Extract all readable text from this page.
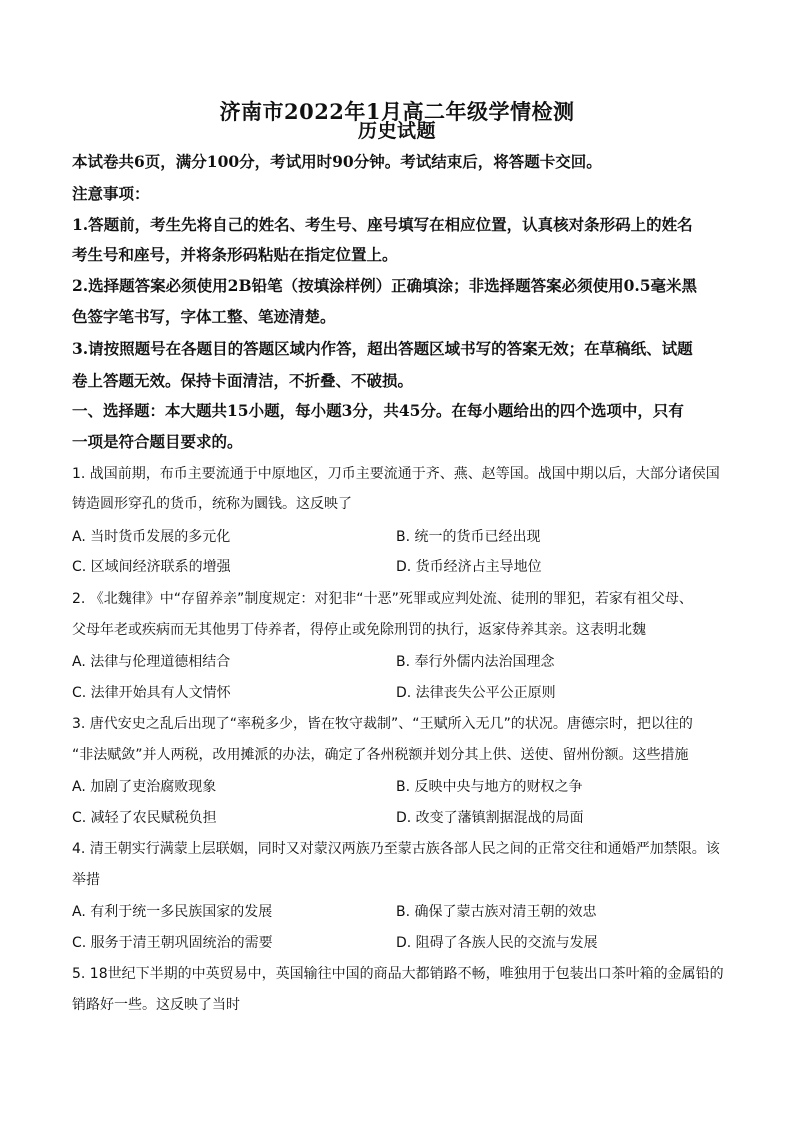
济南市2022年1月高二年级学情检测
历史试题
本试卷共6页，满分100分，考试用时90分钟。考试结束后，将答题卡交回。
注意事项：
1.答题前，考生先将自己的姓名、考生号、座号填写在相应位置，认真核对条形码上的姓名
考生号和座号，并将条形码粘贴在指定位置上。
2.选择题答案必须使用2B铅笔（按填涂样例）正确填涂；非选择题答案必须使用0.5毫米黑
色签字笔书写，字体工整、笔迹清楚。
3.请按照题号在各题目的答题区域内作答，超出答题区域书写的答案无效；在草稿纸、试题
卷上答题无效。保持卡面清洁，不折叠、不破损。
一、选择题：本大题共15小题，每小题3分，共45分。在每小题给出的四个选项中，只有
一项是符合题目要求的。
1. 战国前期，布币主要流通于中原地区，刀币主要流通于齐、燕、赵等国。战国中期以后，大部分诸侯国
铸造圆形穿孔的货币，统称为圜钱。这反映了
A. 当时货币发展的多元化	B. 统一的货币已经出现
C. 区域间经济联系的增强	D. 货币经济占主导地位
2. 《北魏律》中“存留养亲”制度规定：对犯非“十恶”死罪或应判处流、徒刑的罪犯，若家有祖父母、
父母年老或疾病而无其他男丁侍养者，得停止或免除刑罚的执行，返家侍养其亲。这表明北魏
A. 法律与伦理道德相结合	B. 奉行外儒内法治国理念
C. 法律开始具有人文情怀	D. 法律丧失公平公正原则
3. 唐代安史之乱后出现了“率税多少，皆在牧守裁制”、“王赋所入无几”的状况。唐德宗时，把以往的
“非法赋敛”并人两税，改用摊派的办法，确定了各州税额并划分其上供、送使、留州份额。这些措施
A. 加剧了吏治腐败现象	B. 反映中央与地方的财权之争
C. 减轻了农民赋税负担	D. 改变了藩镇割据混战的局面
4. 清王朝实行满蒙上层联姻，同时又对蒙汉两族乃至蒙古族各部人民之间的正常交往和通婚严加禁限。该
举措
A. 有利于统一多民族国家的发展	B. 确保了蒙古族对清王朝的效忠
C. 服务于清王朝巩固统治的需要	D. 阻碍了各族人民的交流与发展
5. 18世纪下半期的中英贸易中，英国输往中国的商品大都销路不畅，唯独用于包装出口茶叶箱的金属铅的
销路好一些。这反映了当时
